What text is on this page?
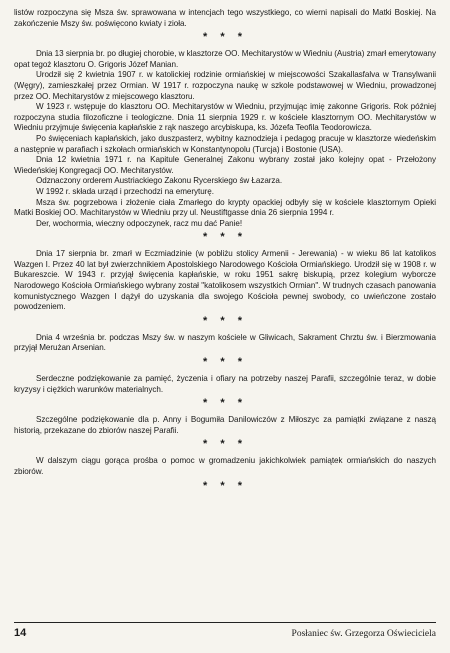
listów rozpoczyna się Msza św. sprawowana w intencjach tego wszystkiego, co wierni napisali do Matki Boskiej. Na zakończenie Mszy św. poświęcono kwiaty i zioła.

* * *

Dnia 13 sierpnia br. po długiej chorobie, w klasztorze OO. Mechitarystów w Wiedniu (Austria) zmarł emerytowany opat tegoż klasztoru O. Grigoris Józef Manian.

Urodził się 2 kwietnia 1907 r. w katolickiej rodzinie ormiańskiej w miejscowości Szakallasfalva w Transylwanii (Węgry), zamieszkałej przez Ormian. W 1917 r. rozpoczyna naukę w szkole podstawowej w Wiedniu, prowadzonej przez OO. Mechitarystów z miejscowego klasztoru.

W 1923 r. wstępuje do klasztoru OO. Mechitarystów w Wiedniu, przyjmując imię zakonne Grigoris. Rok później rozpoczyna studia filozoficzne i teologiczne. Dnia 11 sierpnia 1929 r. w kościele klasztornym OO. Mechitarystów w Wiedniu przyjmuje święcenia kapłańskie z rąk naszego arcybiskupa, ks. Józefa Teofila Teodorowicza.

Po święceniach kapłańskich, jako duszpasterz, wybitny kaznodzieja i pedagog pracuje w klasztorze wiedeńskim a następnie w parafiach i szkołach ormiańskich w Konstantynopolu (Turcja) i Bostonie (USA).

Dnia 12 kwietnia 1971 r. na Kapitule Generalnej Zakonu wybrany został jako kolejny opat - Przełożony Wiedeńskiej Kongregacji OO. Mechitarystów.

Odznaczony orderem Austriackiego Zakonu Rycerskiego św Łazarza.

W 1992 r. składa urząd i przechodzi na emeryturę.

Msza św. pogrzebowa i złożenie ciała Zmarłego do krypty opackiej odbyły się w kościele klasztornym Opieki Matki Boskiej OO. Machitarystów w Wiedniu przy ul. Neustiftgasse dnia 26 sierpnia 1994 r.

Der, wochormia, wieczny odpoczynek, racz mu dać Panie!

* * *

Dnia 17 sierpnia br. zmarł w Eczmiadzinie (w pobliżu stolicy Armenii - Jerewania) - w wieku 86 lat katolikos Wazgen I. Przez 40 lat był zwierzchnikiem Apostolskiego Narodowego Kościoła Ormiańskiego. Urodził się w 1908 r. w Bukareszcie. W 1943 r. przyjął święcenia kapłańskie, w roku 1951 sakrę biskupią, przez kolegium wyborcze Narodowego Kościoła Ormiańskiego wybrany został "katolikosem wszystkich Ormian". W trudnych czasach panowania komunistycznego Wazgen I dążył do uzyskania dla swojego Kościoła pewnej swobody, co uwieńczone zostało powodzeniem.

* * *

Dnia 4 września br. podczas Mszy św. w naszym kościele w Gliwicach, Sakrament Chrztu św. i Bierzmowania przyjął Merużan Arsenian.

* * *

Serdeczne podziękowanie za pamięć, życzenia i ofiary na potrzeby naszej Parafii, szczególnie teraz, w dobie kryzysy i ciężkich warunków materialnych.

* * *

Szczególne podziękowanie dla p. Anny i Bogumiła Danilowiczów z Miłoszyc za pamiątki związane z naszą historią, przekazane do zbiorów naszej Parafii.

* * *

W dalszym ciągu gorąca prośba o pomoc w gromadzeniu jakichkolwiek pamiątek ormiańskich do naszych zbiorów.

* * *
14	Posłaniec św. Grzegorza Oświeciciela
